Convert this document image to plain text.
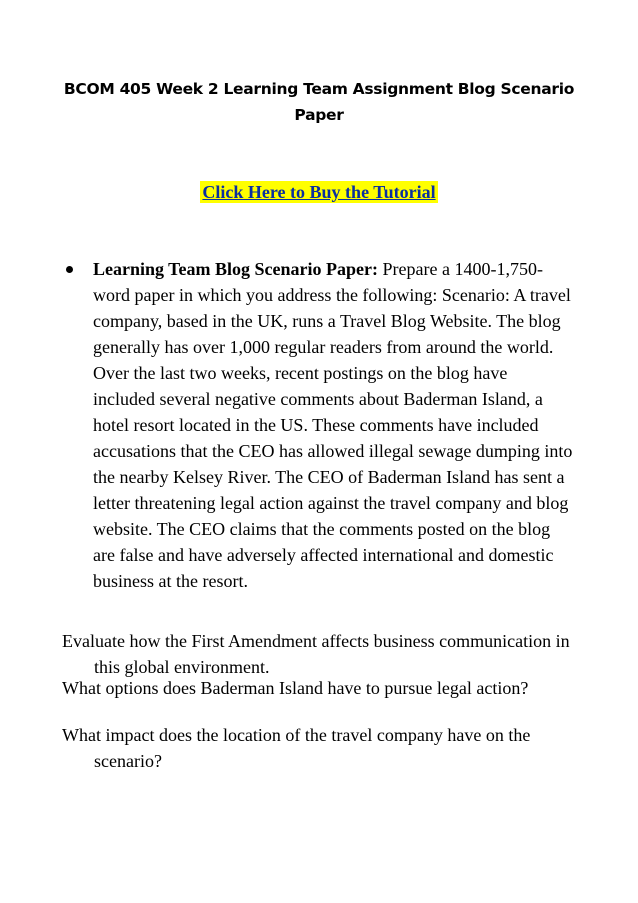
BCOM 405 Week 2 Learning Team Assignment Blog Scenario Paper
Click Here to Buy the Tutorial
Learning Team Blog Scenario Paper: Prepare a 1400-1,750-word paper in which you address the following: Scenario: A travel company, based in the UK, runs a Travel Blog Website. The blog generally has over 1,000 regular readers from around the world. Over the last two weeks, recent postings on the blog have included several negative comments about Baderman Island, a hotel resort located in the US. These comments have included accusations that the CEO has allowed illegal sewage dumping into the nearby Kelsey River. The CEO of Baderman Island has sent a letter threatening legal action against the travel company and blog website. The CEO claims that the comments posted on the blog are false and have adversely affected international and domestic business at the resort.
Evaluate how the First Amendment affects business communication in this global environment.
What options does Baderman Island have to pursue legal action?
What impact does the location of the travel company have on the scenario?
